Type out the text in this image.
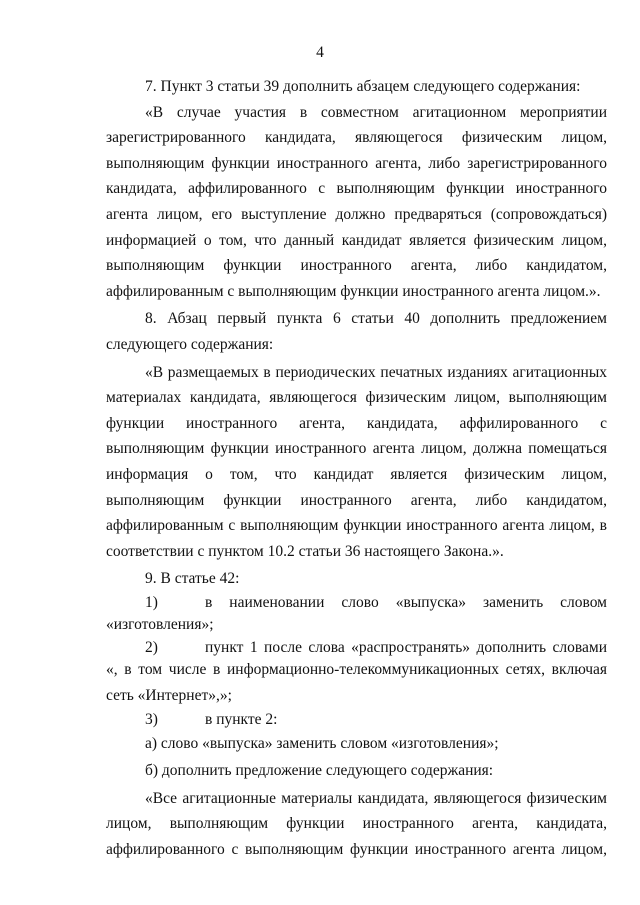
4

7. Пункт 3 статьи 39 дополнить абзацем следующего содержания:

«В случае участия в совместном агитационном мероприятии зарегистрированного кандидата, являющегося физическим лицом, выполняющим функции иностранного агента, либо зарегистрированного кандидата, аффилированного с выполняющим функции иностранного агента лицом, его выступление должно предваряться (сопровождаться) информацией о том, что данный кандидат является физическим лицом, выполняющим функции иностранного агента, либо кандидатом, аффилированным с выполняющим функции иностранного агента лицом.».

8. Абзац первый пункта 6 статьи 40 дополнить предложением следующего содержания:

«В размещаемых в периодических печатных изданиях агитационных материалах кандидата, являющегося физическим лицом, выполняющим функции иностранного агента, кандидата, аффилированного с выполняющим функции иностранного агента лицом, должна помещаться информация о том, что кандидат является физическим лицом, выполняющим функции иностранного агента, либо кандидатом, аффилированным с выполняющим функции иностранного агента лицом, в соответствии с пунктом 10.2 статьи 36 настоящего Закона.».

9. В статье 42:

1)	в наименовании слово «выпуска» заменить словом

«изготовления»;

2)	пункт 1 после слова «распространять» дополнить словами

«, в том числе в информационно-телекоммуникационных сетях, включая сеть «Интернет»,»;

3)	в пункте 2:

а) слово «выпуска» заменить словом «изготовления»;

б) дополнить предложение следующего содержания:

«Все агитационные материалы кандидата, являющегося физическим лицом, выполняющим функции иностранного агента, кандидата, аффилированного с выполняющим функции иностранного агента лицом,
